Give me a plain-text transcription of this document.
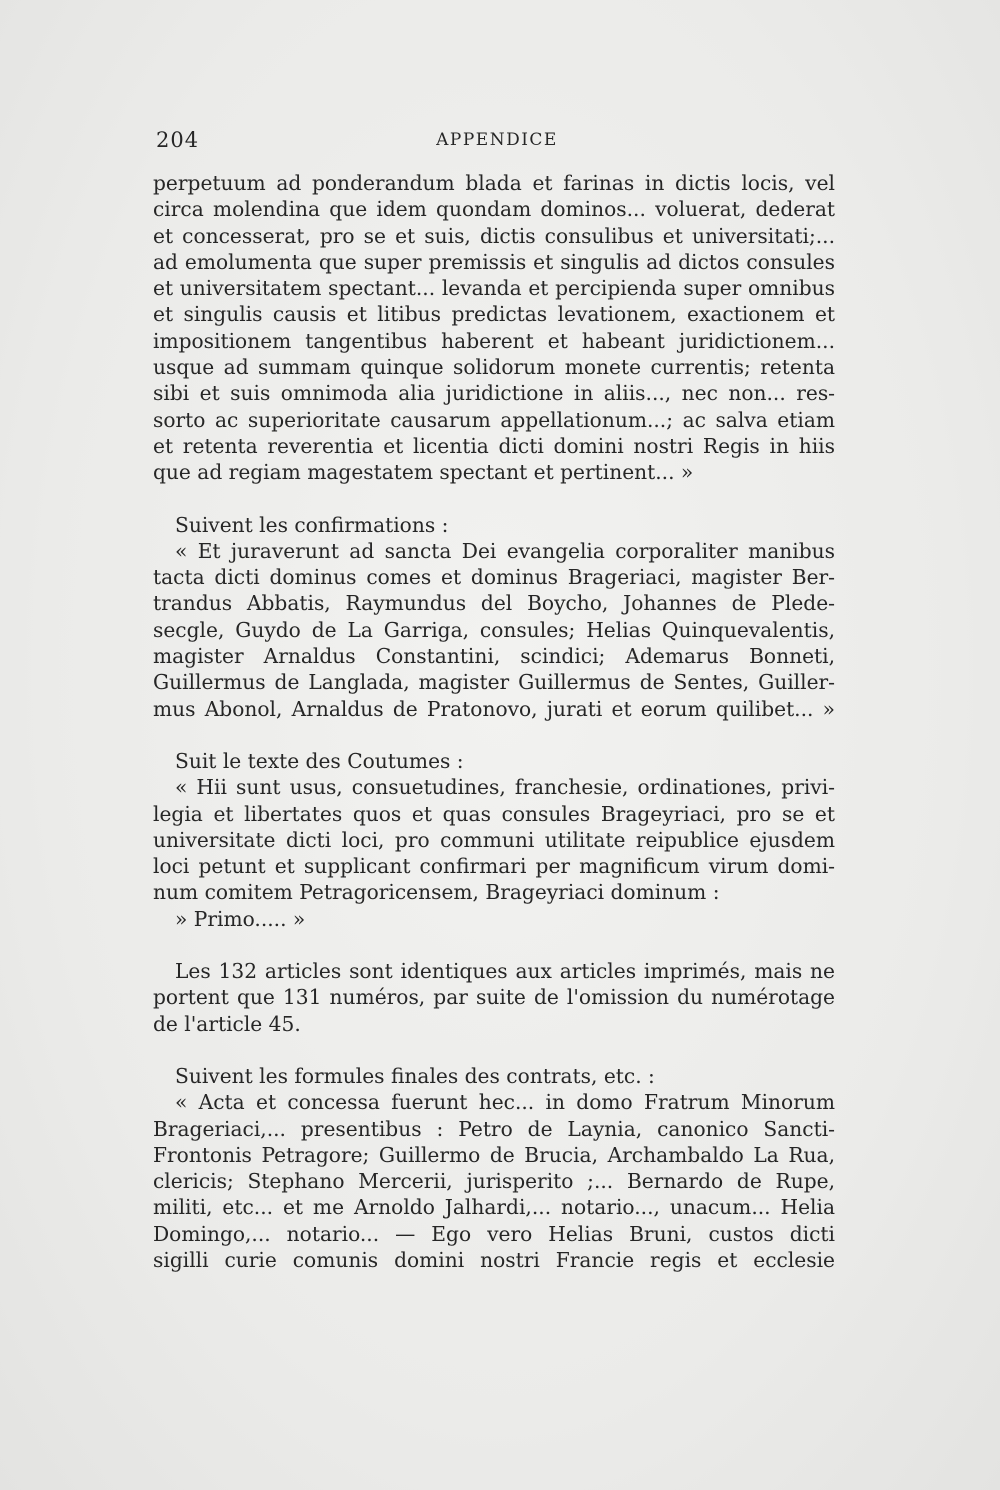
204	APPENDICE
perpetuum ad ponderandum blada et farinas in dictis locis, vel
circa molendina que idem quondam dominos... voluerat, dederat
et concesserat, pro se et suis, dictis consulibus et universitati;...
ad emolumenta que super premissis et singulis ad dictos consules
et universitatem spectant... levanda et percipienda super omnibus
et singulis causis et litibus predictas levationem, exactionem et
impositionem tangentibus haberent et habeant juridictionem...
usque ad summam quinque solidorum monete currentis; retenta
sibi et suis omnimoda alia juridictione in aliis..., nec non... res-
sorto ac superioritate causarum appellationum...; ac salva etiam
et retenta reverentia et licentia dicti domini nostri Regis in hiis
que ad regiam magestatem spectant et pertinent... »
Suivent les confirmations :
« Et juraverunt ad sancta Dei evangelia corporaliter manibus
tacta dicti dominus comes et dominus Brageriaci, magister Ber-
trandus Abbatis, Raymundus del Boycho, Johannes de Plede-
secgle, Guydo de La Garriga, consules; Helias Quinquevalentis,
magister Arnaldus Constantini, scindici; Ademarus Bonneti,
Guillermus de Langlada, magister Guillermus de Sentes, Guiller-
mus Abonol, Arnaldus de Pratonovo, jurati et eorum quilibet... »
Suit le texte des Coutumes :
« Hii sunt usus, consuetudines, franchesie, ordinationes, privi-
legia et libertates quos et quas consules Brageyriaci, pro se et
universitate dicti loci, pro communi utilitate reipublice ejusdem
loci petunt et supplicant confirmari per magnificum virum domi-
num comitem Petragoricensem, Brageyriaci dominum :
» Primo..... »
Les 132 articles sont identiques aux articles imprimés, mais ne
portent que 131 numéros, par suite de l'omission du numérotage
de l'article 45.
Suivent les formules finales des contrats, etc. :
« Acta et concessa fuerunt hec... in domo Fratrum Minorum
Brageriaci,... presentibus : Petro de Laynia, canonico Sancti-
Frontonis Petragore; Guillermo de Brucia, Archambaldo La Rua,
clericis; Stephano Mercerii, jurisperito ;... Bernardo de Rupe,
militi, etc... et me Arnoldo Jalhardi,... notario..., unacum... Helia
Domingo,... notario... — Ego vero Helias Bruni, custos dicti
sigilli curie comunis domini nostri Francie regis et ecclesie
